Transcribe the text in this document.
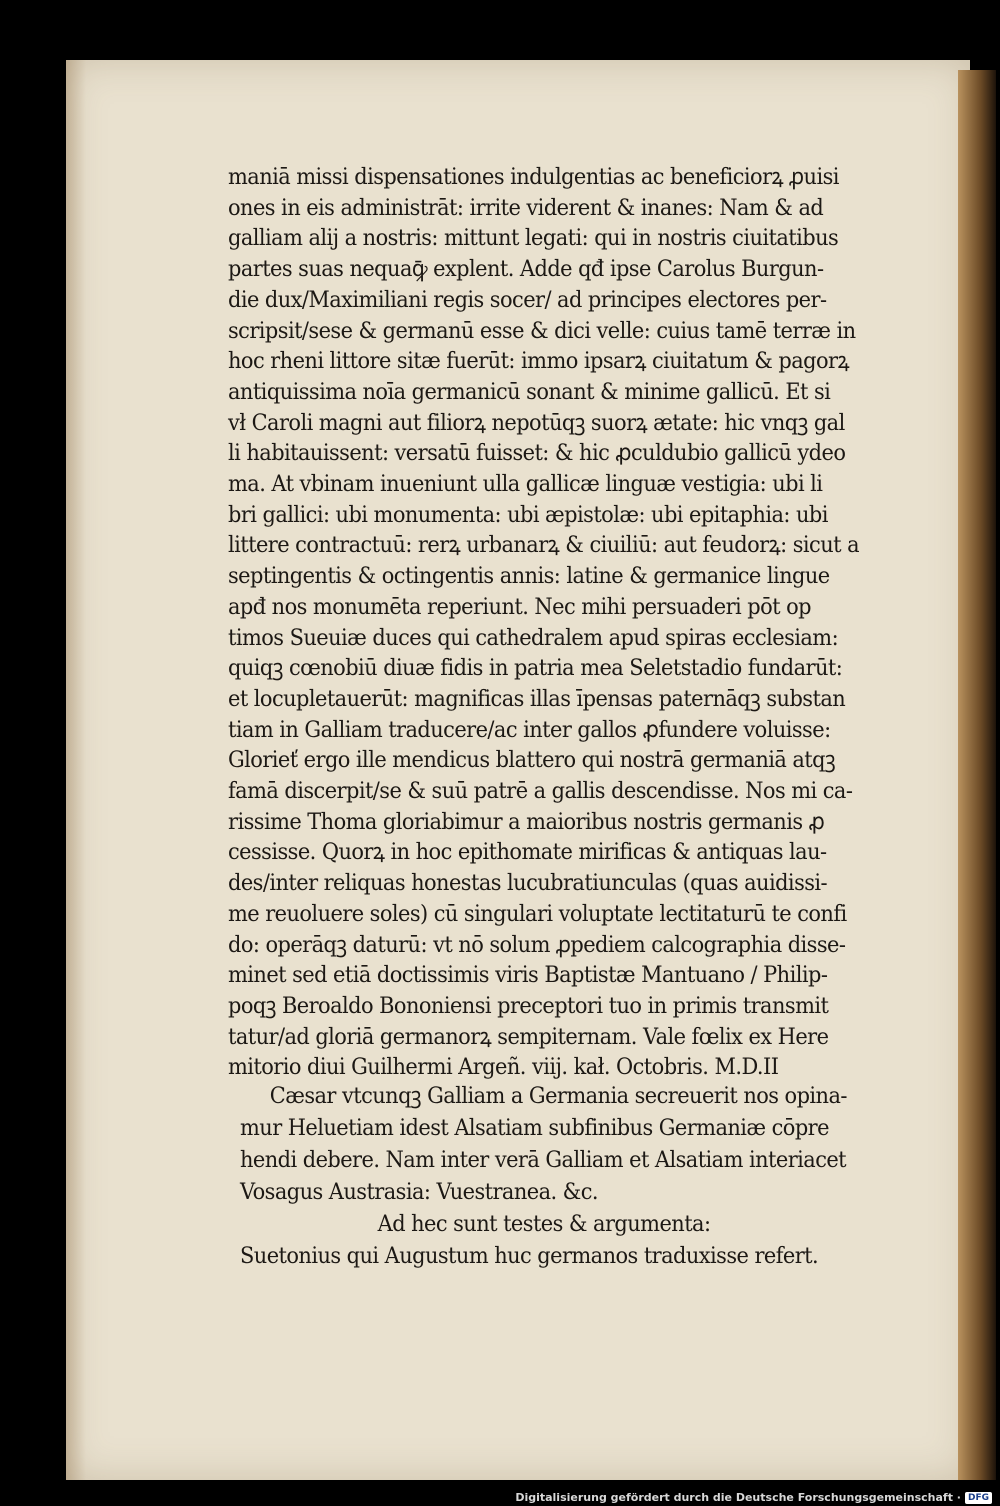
maniā missi dispensationes indulgentias ac beneficiorꝝ ꝓuisi
ones in eis administrāt: irrite viderent & inanes: Nam & ad
galliam alij a nostris: mittunt legati: qui in nostris ciuitatibus
partes suas nequaꝙ̄ explent. Adde qđ ipse Carolus Burgun-
die dux/Maximiliani regis socer/ ad principes electores per-
scripsit/sese & germanū esse & dici velle: cuius tamē terræ in
hoc rheni littore sitæ fuerūt: immo ipsarꝝ ciuitatum & pagorꝝ
antiquissima noīa germanicū sonant & minime gallicū. Et si
vł Caroli magni aut filiorꝝ nepotūqꝫ suorꝝ ætate: hic vnqꝫ gal
li habitauissent: versatū fuisset: & hic ꝓculdubio gallicū ydeo
ma. At vbinam inueniunt ulla gallicæ linguæ vestigia: ubi li
bri gallici: ubi monumenta: ubi æpistolæ: ubi epitaphia: ubi
littere contractuū: rerꝝ urbanarꝝ & ciuiliū: aut feudorꝝ: sicut a
septingentis & octingentis annis: latine & germanice lingue
apđ nos monumēta reperiunt. Nec mihi persuaderi pōt op
timos Sueuiæ duces qui cathedralem apud spiras ecclesiam:
quiqꝫ cœnobiū diuæ fidis in patria mea Seletstadio fundarūt:
et locupletauerūt: magnificas illas īpensas paternāqꝫ substan
tiam in Galliam traducere/ac inter gallos ꝓfundere voluisse:
Glorieť ergo ille mendicus blattero qui nostrā germaniā atqꝫ
famā discerpit/se & suū patrē a gallis descendisse. Nos mi ca-
rissime Thoma gloriabimur a maioribus nostris germanis ꝓ
cessisse. Quorꝝ in hoc epithomate mirificas & antiquas lau-
des/inter reliquas honestas lucubratiunculas (quas auidissi-
me reuoluere soles) cū singulari voluptate lectitaturū te confi
do: operāqꝫ daturū: vt nō solum ꝓpediem calcographia disse-
minet sed etiā doctissimis viris Baptistæ Mantuano / Philip-
poqꝫ Beroaldo Bononiensi preceptori tuo in primis transmit
tatur/ad gloriā germanorꝝ sempiternam. Vale fœlix ex Here
mitorio diui Guilhermi Argeñ. viij. kał. Octobris. M.D.II
Cæsar vtcunqꝫ Galliam a Germania secreuerit nos opina-
mur Heluetiam idest Alsatiam subfinibus Germaniæ cōpre
hendi debere. Nam inter verā Galliam et Alsatiam interiacet
Vosagus Austrasia: Vuestranea. &c.
Ad hec sunt testes & argumenta:
Suetonius qui Augustum huc germanos traduxisse refert.
Digitalisierung gefördert durch die Deutsche Forschungsgemeinschaft · DFG
